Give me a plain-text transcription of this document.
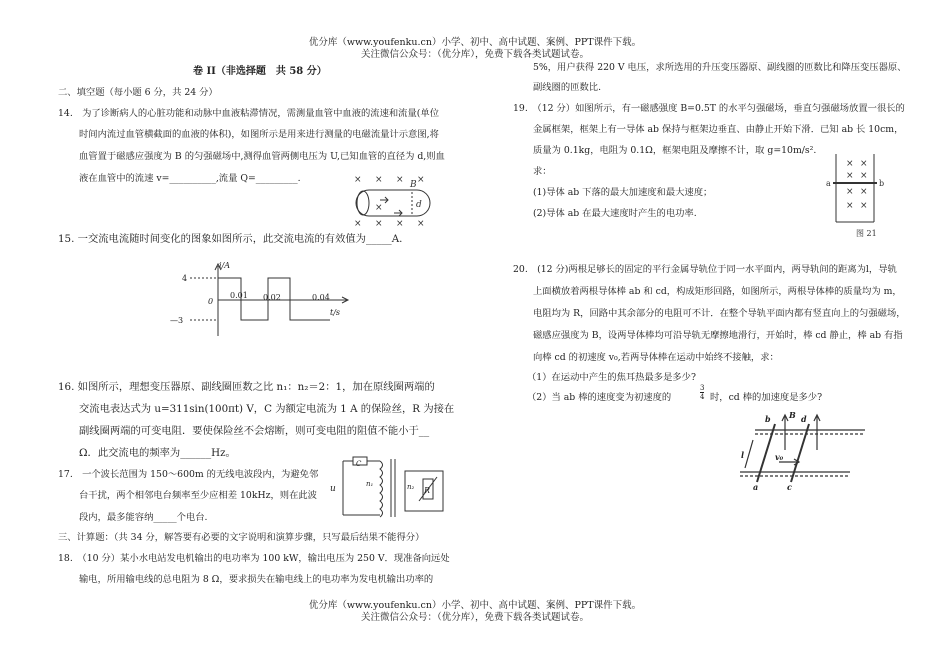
优分库（www.youfenku.cn）小学、初中、高中试题、案例、PPT课件下载。
关注微信公众号：（优分库），免费下载各类试题试卷。
卷 II（非选择题　共 58 分）
二、填空题（每小题 6 分，共 24 分）
14.　为了诊断病人的心脏功能和动脉中血液粘滞情况，需测量血管中血液的流速和流量(单位
时间内流过血管横截面的血液的体积)，如图所示是用来进行测量的电磁流量计示意图,将
血管置于磁感应强度为 B 的匀强磁场中,测得血管两侧电压为 U,已知血管的直径为 d,则血
液在血管中的流速 v=__________,流量 Q=_________.	× × × ×
×
× × × ×
B
d
15. 一交流电流随时间变化的图象如图所示，此交流电流的有效值为_____A.
i/A
4
—3
0
0.01 0.02	0.04
t/s
16. 如图所示，理想变压器原、副线圈匝数之比 n₁：n₂＝2：1，加在原线圈两端的
交流电表达式为 u=311sin(100πt) V，C 为额定电流为 1 A 的保险丝，R 为接在
副线圈两端的可变电阻．要使保险丝不会熔断，则可变电阻的阻值不能小于__
Ω．此交流电的频率为______Hz。
17.　一个波长范围为 150～600m 的无线电波段内，为避免邻
台干扰，两个相邻电台频率至少应相差 10kHz，则在此波
段内，最多能容纳_____个电台.
u
C
n₁	n₂ R
三、计算题：（共 34 分，解答要有必要的文字说明和演算步骤，只写最后结果不能得分）
18.　（10 分）某小水电站发电机输出的电功率为 100 kW，输出电压为 250 V．现准备向远处
输电，所用输电线的总电阻为 8 Ω，要求损失在输电线上的电功率为发电机输出功率的
5%，用户获得 220 V 电压，求所选用的升压变压器原、副线圈的匝数比和降压变压器原、
副线圈的匝数比.
19.　（12 分）如图所示，有一磁感强度 B=0.5T 的水平匀强磁场，垂直匀强磁场放置一很长的
金属框架，框架上有一导体 ab 保持与框架边垂直、由静止开始下滑．已知 ab 长 10cm，
质量为 0.1kg，电阻为 0.1Ω，框架电阻及摩擦不计，取 g=10m/s².
求：
(1)导体 ab 下落的最大加速度和最大速度；
(2)导体 ab 在最大速度时产生的电功率.
× ×
× ×
× ×
× ×
a	b
图 21
20.　(12 分)两根足够长的固定的平行金属导轨位于同一水平面内，两导轨间的距离为l，导轨
上面横放着两根导体棒 ab 和 cd，构成矩形回路，如图所示，两根导体棒的质量均为 m，
电阻均为 R，回路中其余部分的电阻可不计．在整个导轨平面内都有竖直向上的匀强磁场，
磁感应强度为 B，设两导体棒均可沿导轨无摩擦地滑行，开始时，棒 cd 静止，棒 ab 有指
向棒 cd 的初速度 v₀,若两导体棒在运动中始终不接触，求：
（1）在运动中产生的焦耳热最多是多少?
（2）当 ab 棒的速度变为初速度的	$\frac{3}{4}$ 时，cd 棒的加速度是多少?
b	d
B
l	v₀
a	c
优分库（www.youfenku.cn）小学、初中、高中试题、案例、PPT课件下载。
关注微信公众号：（优分库），免费下载各类试题试卷。
